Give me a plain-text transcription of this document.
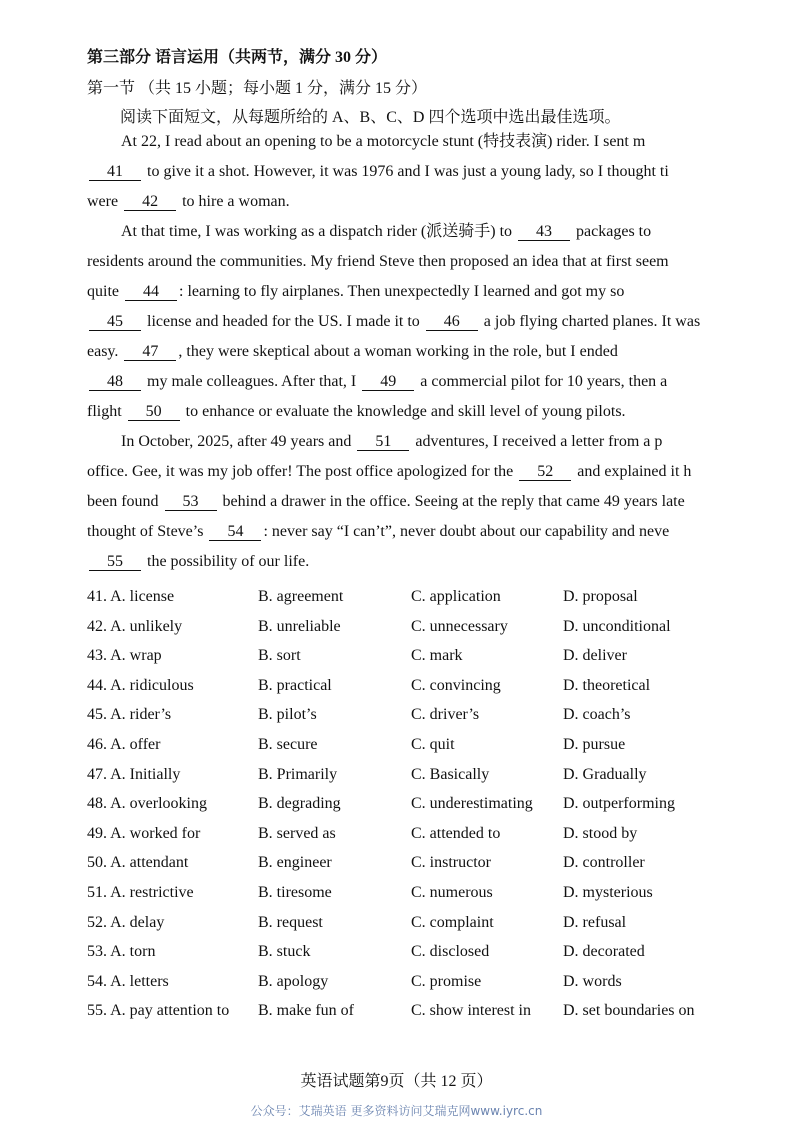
第三部分 语言运用（共两节，满分 30 分）
第一节 （共 15 小题；每小题 1 分，满分 15 分）
阅读下面短文，从每题所给的 A、B、C、D 四个选项中选出最佳选项。
At 22, I read about an opening to be a motorcycle stunt (特技表演) rider. I sent m
41 to give it a shot. However, it was 1976 and I was just a young lady, so I thought ti
were 42 to hire a woman.
At that time, I was working as a dispatch rider (派送骑手) to 43 packages to
residents around the communities. My friend Steve then proposed an idea that at first seem
quite 44 : learning to fly airplanes. Then unexpectedly I learned and got my so
45 license and headed for the US. I made it to 46 a job flying charted planes. It was
easy. 47 , they were skeptical about a woman working in the role, but I ended
48 my male colleagues. After that, I 49 a commercial pilot for 10 years, then a
flight 50 to enhance or evaluate the knowledge and skill level of young pilots.
In October, 2025, after 49 years and 51 adventures, I received a letter from a p
office. Gee, it was my job offer! The post office apologized for the 52 and explained it h
been found 53 behind a drawer in the office. Seeing at the reply that came 49 years late
thought of Steve’s 54 : never say “I can’t”, never doubt about our capability and neve
55 the possibility of our life.
41. A. license	B. agreement	C. application	D. proposal
42. A. unlikely	B. unreliable	C. unnecessary	D. unconditional
43. A. wrap	B. sort	C. mark	D. deliver
44. A. ridiculous	B. practical	C. convincing	D. theoretical
45. A. rider’s	B. pilot’s	C. driver’s	D. coach’s
46. A. offer	B. secure	C. quit	D. pursue
47. A. Initially	B. Primarily	C. Basically	D. Gradually
48. A. overlooking	B. degrading	C. underestimating D. outperforming
49. A. worked for	B. served as	C. attended to	D. stood by
50. A. attendant	B. engineer	C. instructor	D. controller
51. A. restrictive	B. tiresome	C. numerous	D. mysterious
52. A. delay	B. request	C. complaint	D. refusal
53. A. torn	B. stuck	C. disclosed	D. decorated
54. A. letters	B. apology	C. promise	D. words
55. A. pay attention to B. make fun of	C. show interest in D. set boundaries on
英语试题第9页（共 12 页）
公众号：艾瑞英语 更多资料访问艾瑞克网www.iyrc.cn
